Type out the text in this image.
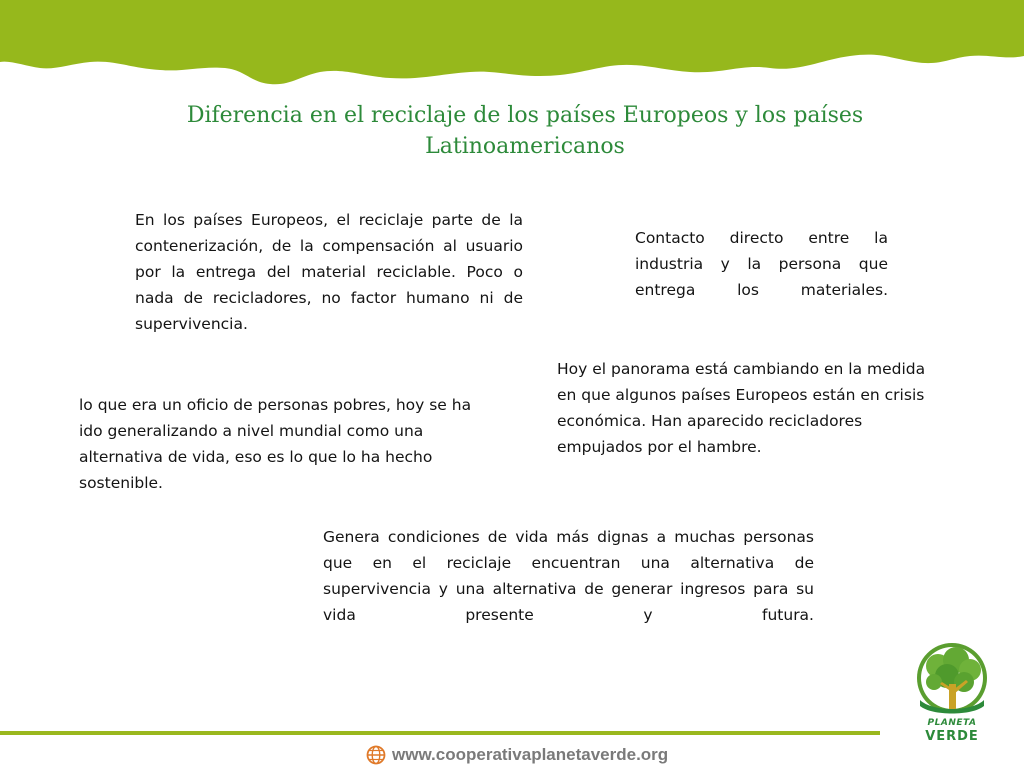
Diferencia en el reciclaje de los países Europeos y los países Latinoamericanos

En los países Europeos, el reciclaje parte de la contenerización, de la compensación al usuario por la entrega del material reciclable. Poco o nada de recicladores, no factor humano ni de supervivencia.

Contacto directo entre la industria y la persona que entrega los materiales.

Hoy el panorama está cambiando en la medida en que algunos países Europeos están en crisis económica. Han aparecido recicladores empujados por el hambre.

lo que era un oficio de personas pobres, hoy se ha ido generalizando a nivel mundial como una alternativa de vida, eso es lo que lo ha hecho sostenible.

Genera condiciones de vida más dignas a muchas personas que en el reciclaje encuentran una alternativa de supervivencia y una alternativa de generar ingresos para su vida presente y futura.

www.cooperativaplanetaverde.org

PLANETA

VERDE
